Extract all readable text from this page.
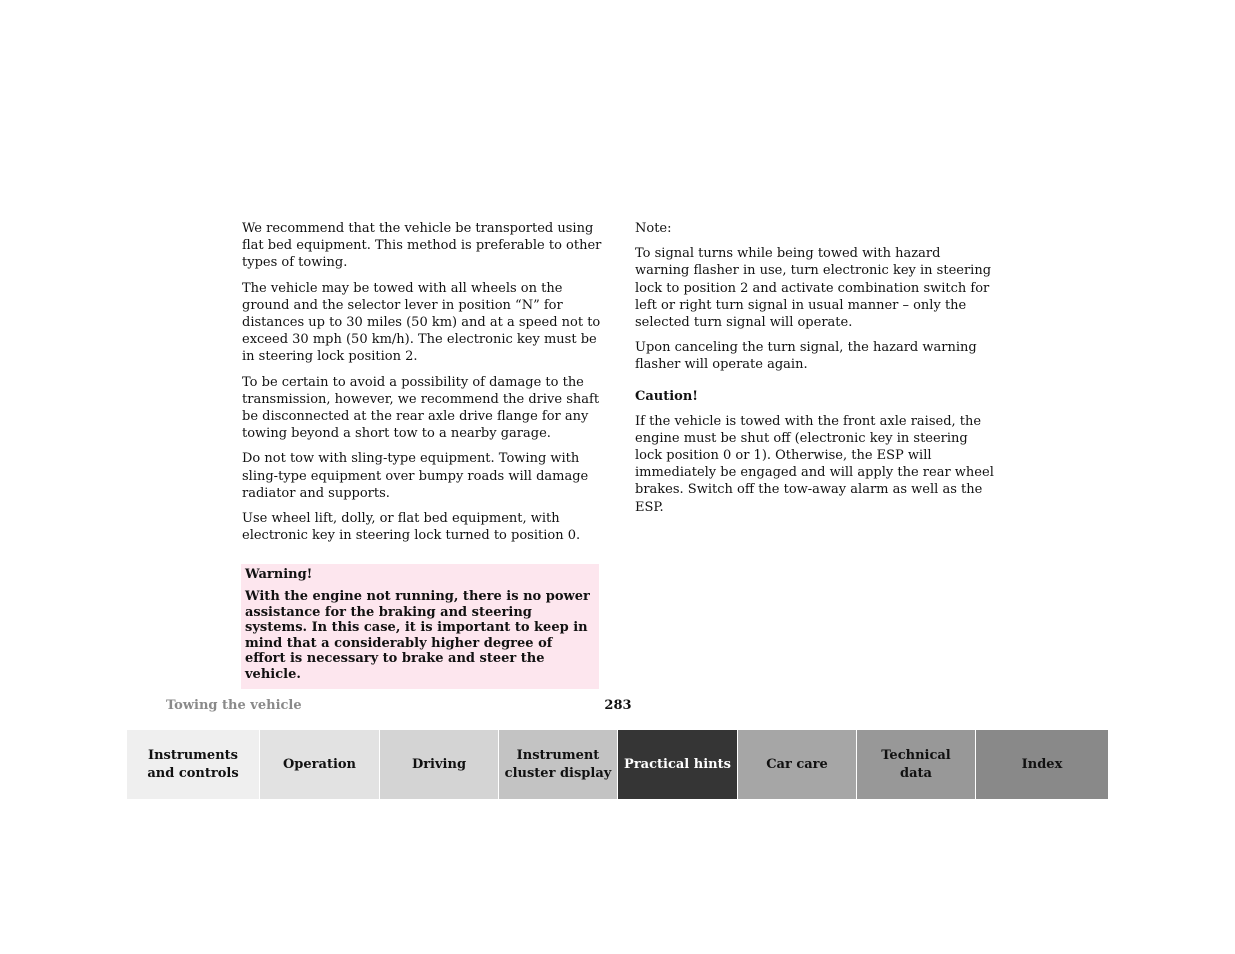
We recommend that the vehicle be transported using flat bed equipment. This method is preferable to other types of towing.

The vehicle may be towed with all wheels on the ground and the selector lever in position “N” for distances up to 30 miles (50 km) and at a speed not to exceed 30 mph (50 km/h). The electronic key must be in steering lock position 2.

To be certain to avoid a possibility of damage to the transmission, however, we recommend the drive shaft be disconnected at the rear axle drive flange for any towing beyond a short tow to a nearby garage.

Do not tow with sling-type equipment. Towing with sling-type equipment over bumpy roads will damage radiator and supports.

Use wheel lift, dolly, or flat bed equipment, with electronic key in steering lock turned to position 0.

Warning!

With the engine not running, there is no power assistance for the braking and steering systems. In this case, it is important to keep in mind that a considerably higher degree of effort is necessary to brake and steer the vehicle.

Note:

To signal turns while being towed with hazard warning flasher in use, turn electronic key in steering lock to position 2 and activate combination switch for left or right turn signal in usual manner – only the selected turn signal will operate.

Upon canceling the turn signal, the hazard warning flasher will operate again.

Caution!

If the vehicle is towed with the front axle raised, the engine must be shut off (electronic key in steering lock position 0 or 1). Otherwise, the ESP will immediately be engaged and will apply the rear wheel brakes. Switch off the tow-away alarm as well as the ESP.

Towing the vehicle	283
Instruments
and controls
Operation	Driving
Instrument
cluster display
Practical hints	Car care
Technical
data
Index
